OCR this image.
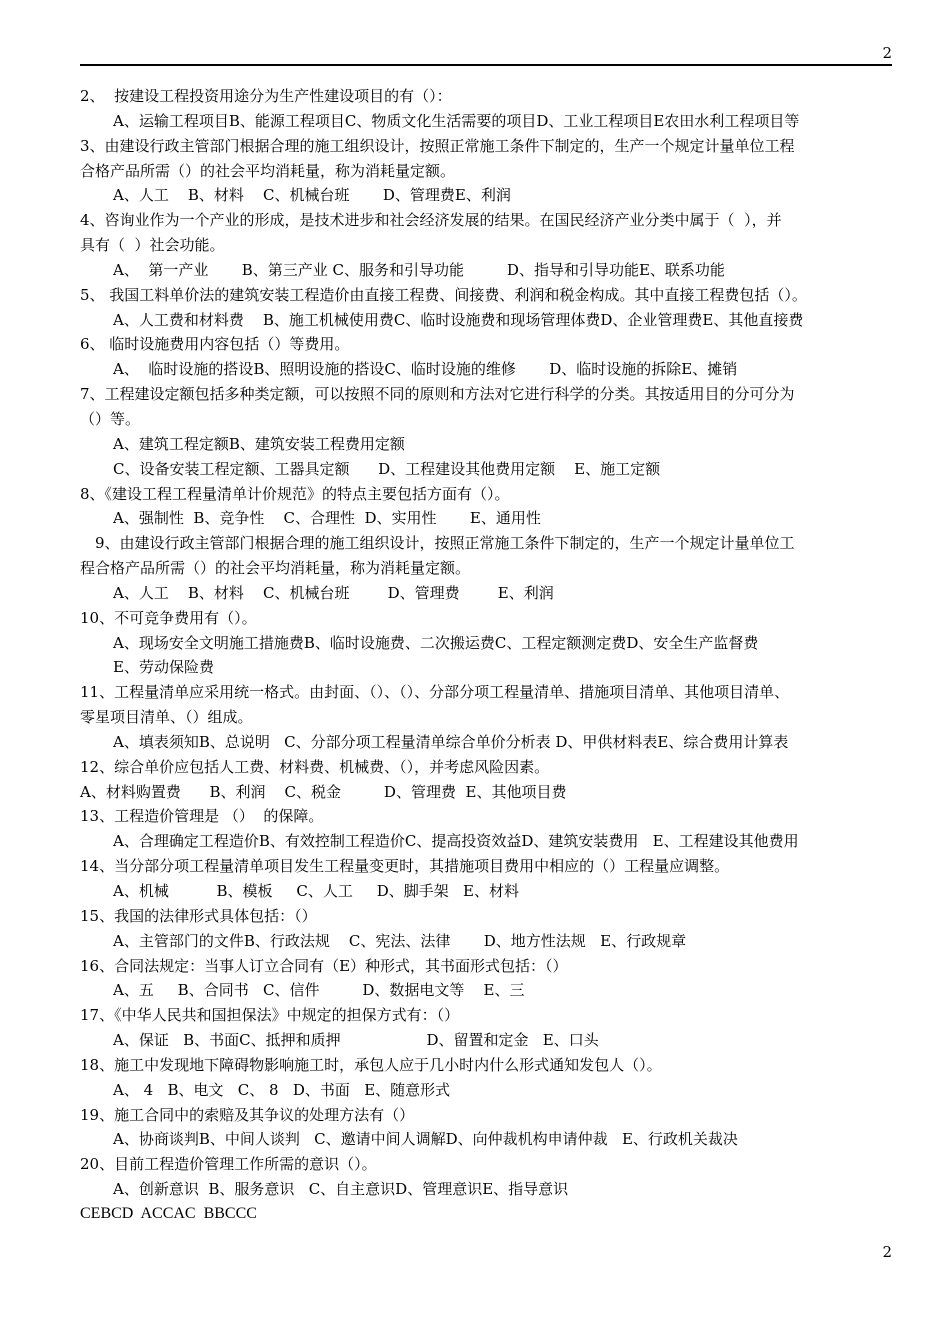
2
2、  按建设工程投资用途分为生产性建设项目的有（）：
A、运输工程项目B、能源工程项目C、物质文化生活需要的项目D、工业工程项目E农田水利工程项目等
3、由建设行政主管部门根据合理的施工组织设计，按照正常施工条件下制定的，生产一个规定计量单位工程
合格产品所需（）的社会平均消耗量，称为消耗量定额。
A、人工    B、材料    C、机械台班       D、管理费E、利润
4、咨询业作为一个产业的形成，是技术进步和社会经济发展的结果。在国民经济产业分类中属于（  ），并
具有（  ）社会功能。
A、  第一产业       B、第三产业 C、服务和引导功能         D、指导和引导功能E、联系功能
5、 我国工料单价法的建筑安装工程造价由直接工程费、间接费、利润和税金构成。其中直接工程费包括（）。
A、人工费和材料费    B、施工机械使用费C、临时设施费和现场管理体费D、企业管理费E、其他直接费
6、 临时设施费用内容包括（）等费用。
A、  临时设施的搭设B、照明设施的搭设C、临时设施的维修       D、临时设施的拆除E、摊销
7、工程建设定额包括多种类定额，可以按照不同的原则和方法对它进行科学的分类。其按适用目的分可分为
（）等。
A、建筑工程定额B、建筑安装工程费用定额
C、设备安装工程定额、工器具定额      D、工程建设其他费用定额    E、施工定额
8、《建设工程工程量清单计价规范》的特点主要包括方面有（）。
A、强制性  B、竞争性    C、合理性  D、实用性       E、通用性
9、由建设行政主管部门根据合理的施工组织设计，按照正常施工条件下制定的，生产一个规定计量单位工
程合格产品所需（）的社会平均消耗量，称为消耗量定额。
A、人工    B、材料    C、机械台班        D、管理费        E、利润
10、不可竞争费用有（）。
A、现场安全文明施工措施费B、临时设施费、二次搬运费C、工程定额测定费D、安全生产监督费
E、劳动保险费
11、工程量清单应采用统一格式。由封面、（）、（）、分部分项工程量清单、措施项目清单、其他项目清单、
零星项目清单、（）组成。
A、填表须知B、总说明   C、分部分项工程量清单综合单价分析表 D、甲供材料表E、综合费用计算表
12、综合单价应包括人工费、材料费、机械费、（），并考虑风险因素。
A、材料购置费      B、利润    C、税金         D、管理费  E、其他项目费
13、工程造价管理是 （）  的保障。
A、合理确定工程造价B、有效控制工程造价C、提高投资效益D、建筑安装费用   E、工程建设其他费用
14、当分部分项工程量清单项目发生工程量变更时，其措施项目费用中相应的（）工程量应调整。
A、机械          B、模板     C、人工     D、脚手架   E、材料
15、我国的法律形式具体包括：（）
A、主管部门的文件B、行政法规    C、宪法、法律       D、地方性法规   E、行政规章
16、合同法规定：当事人订立合同有（E）种形式，其书面形式包括：（）
A、五     B、合同书   C、信件         D、数据电文等    E、三
17、《中华人民共和国担保法》中规定的担保方式有：（）
A、保证   B、书面C、抵押和质押                  D、留置和定金   E、口头
18、施工中发现地下障碍物影响施工时，承包人应于几小时内什么形式通知发包人（）。
A、 4   B、电文   C、 8   D、书面   E、随意形式
19、施工合同中的索赔及其争议的处理方法有（）
A、协商谈判B、中间人谈判   C、邀请中间人调解D、向仲裁机构申请仲裁   E、行政机关裁决
20、目前工程造价管理工作所需的意识（）。
A、创新意识  B、服务意识   C、自主意识D、管理意识E、指导意识
CEBCD  ACCAC  BBCCC
2
